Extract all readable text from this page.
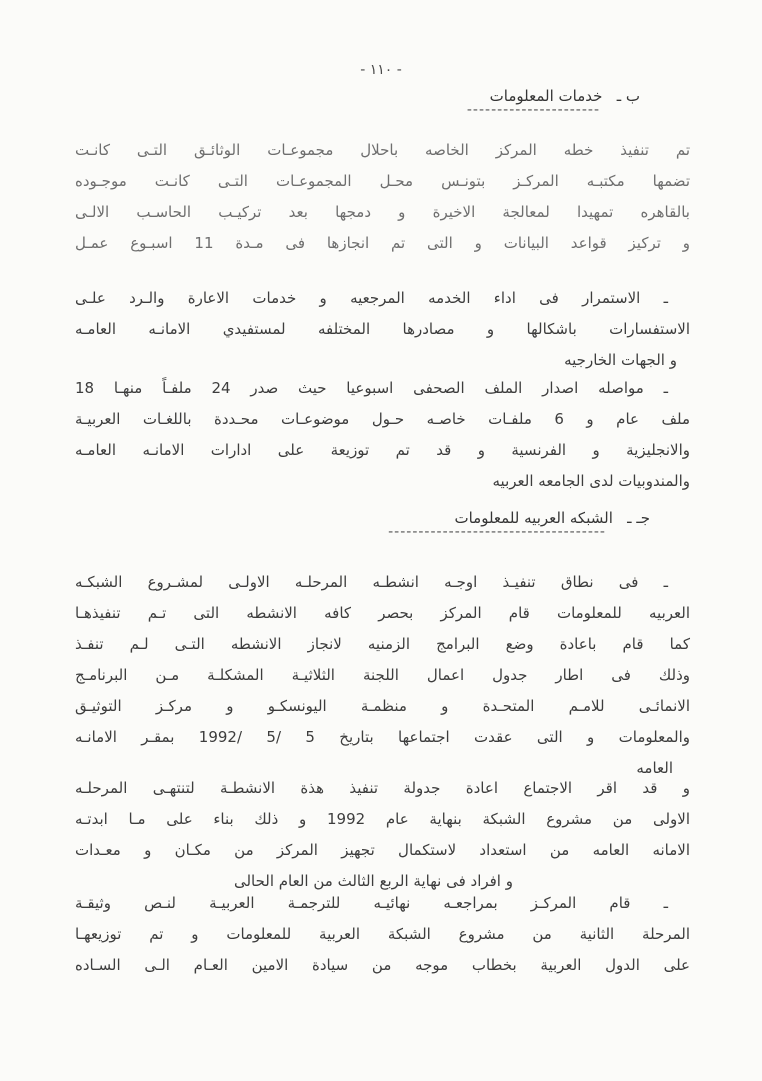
- ١١٠ -
ب ـ   خدمات المعلومات
----------------------
تم تنفيذ خطه المركز الخاصه باحلال مجموعـات الوثائـق التـى كانـت
تضمها مكتبـه المركـز بتونـس محـل المجموعـات التـى كانـت موجـوده
بالقاهره تمهيدا لمعالجة الاخيرة و دمجها بعد تركيـب الحاسـب الالـى
و تركيز قواعد البيانات و التى تم انجازها فى مـدة 11 اسبـوع عمـل
ـ الاستمرار فى اداء الخدمه المرجعيه و خدمات الاعارة والـرد علـى
الاستفسارات باشكالها و مصادرها المختلفه لمستفيدي الامانـه العامـه
و الجهات الخارجيه
ـ مواصله اصدار الملف الصحفى اسبوعيا حيث صدر 24 ملفـاً منهـا 18
ملف عام و 6 ملفـات خاصـه حـول موضوعـات محـددة باللغـات العربيـة
والانجليزية و الفرنسية و قد تم توزيعة على ادارات الامانـه العامـه
والمندوبيات لدى الجامعه العربيه
جـ ـ   الشبكه العربيه للمعلومات
------------------------------------
ـ فى نطاق تنفيـذ اوجـه انشطـه المرحلـه الاولـى لمشـروع الشبكـه
العربيه للمعلومات قام المركز بحصر كافه الانشطه التى تـم تنفيذهـا
كما قام باعادة وضع البرامج الزمنيه لانجاز الانشطه التـى لـم تنفـذ
وذلك فى اطار جدول اعمال اللجنة الثلاثيـة المشكلـة مـن البرنامـج
الانمائـى للامـم المتحـدة و منظمـة اليونسكـو و مركـز التوثيـق
والمعلومات و التى عقدت اجتماعها بتاريخ 5 /5 /1992 بمقـر الامانـه
العامه
و قد اقر الاجتماع اعادة جدولة تنفيذ هذة الانشطـة لتنتهـى المرحلـه
الاولى من مشروع الشبكة بنهاية عام 1992 و ذلك بناء على مـا ابدتـه
الامانه العامه من استعداد لاستكمال تجهيز المركز من مكـان و معـدات
و افراد فى نهاية الربع الثالث من العام الحالى
ـ قام المركـز بمراجعـه نهائيـه للترجمـة العربيـة لنـص وثيقـة
المرحلة الثانية من مشروع الشبكة العربية للمعلومات و تم توزيعهـا
على الدول العربية بخطاب موجه من سيادة الامين العـام الـى السـاده
